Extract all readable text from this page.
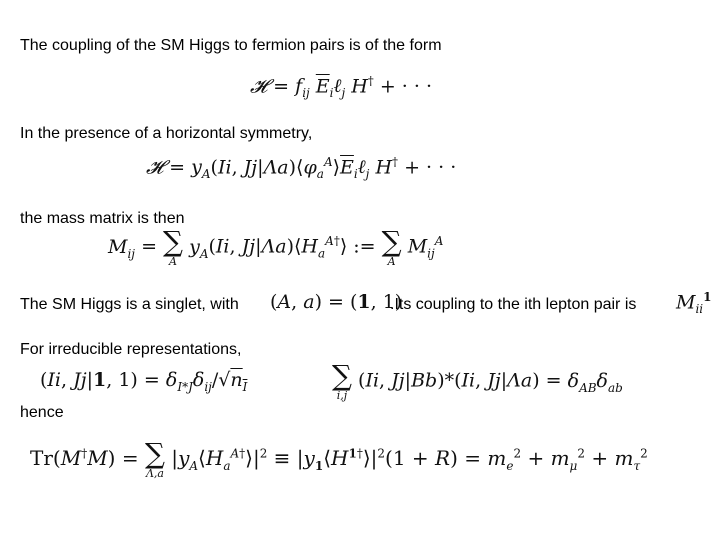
The coupling of the SM Higgs to fermion pairs is of the form
𝓗 = $f_{ij}$ $\overline{E}_i\ell_j$ H† + · · ·
In the presence of a horizontal symmetry,
𝓗 = $y_A(Ii$, $Jj|\Lambda a)⟨\varphi_a^A⟩\overline{E}_i\ell_j$ H† + · · ·
the mass matrix is then
$M_{ij}$ = ∑
A
$y_A(Ii$, $Jj|\Lambda a)⟨H_a^{A\dagger}⟩$ := ∑
A
$M_{ij}^A$
The SM Higgs is a singlet, with (A, a) = (1, 1)
.Its coupling to the ith lepton pair is $M_{ii}^1$
For irreducible representations,
(Ii, Jj|1, $1) = \delta_{I*J}\delta_{ij}/√n_I$	∑
i,j
(Ii, Jj|Bb)*(Ii, $Jj|\Lambda a) = \delta_{AB}\delta_{ab}$
hence
Tr(M†M) = ∑
Λ,a
$|y_A⟨H_a^{A\dagger}⟩|^2$ ≡ $|y_1⟨H^{1\dagger}⟩|^2(1 + R) = m_e^2 + m_\mu^2 + m_\tau^2$
